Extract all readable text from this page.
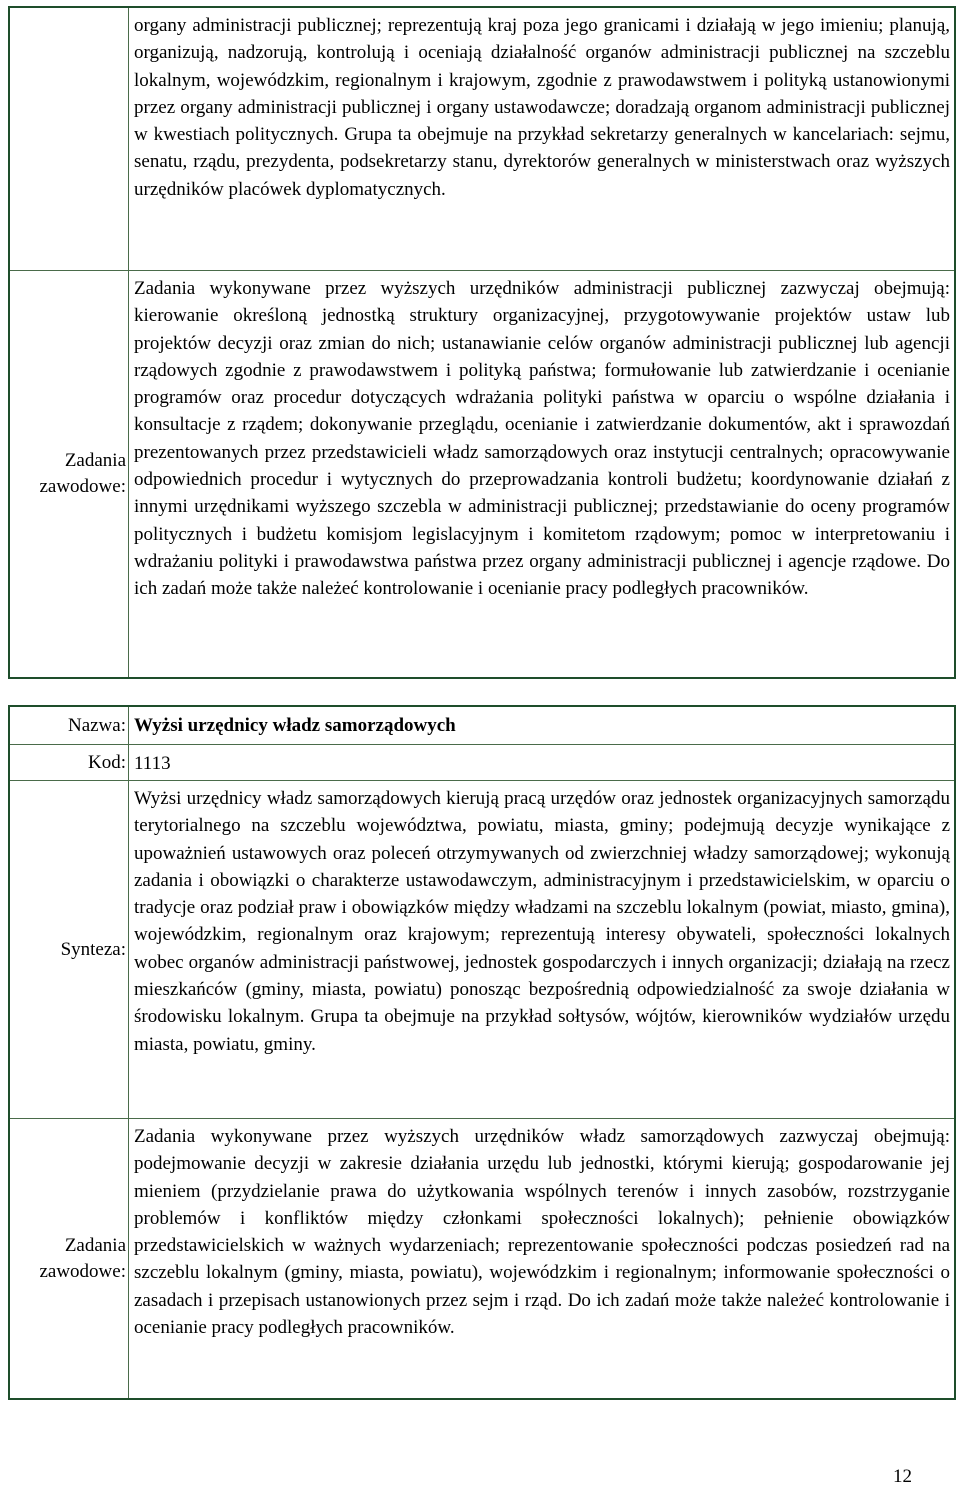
organy administracji publicznej; reprezentują kraj poza jego granicami i działają w jego imieniu; planują, organizują, nadzorują, kontrolują i oceniają działalność organów administracji publicznej na szczeblu lokalnym, wojewódzkim, regionalnym i krajowym, zgodnie z prawodawstwem i polityką ustanowionymi przez organy administracji publicznej i organy ustawodawcze; doradzają organom administracji publicznej w kwestiach politycznych. Grupa ta obejmuje na przykład sekretarzy generalnych w kancelariach: sejmu, senatu, rządu, prezydenta, podsekretarzy stanu, dyrektorów generalnych w ministerstwach oraz wyższych urzędników placówek dyplomatycznych.

Zadania zawodowe:

Zadania wykonywane przez wyższych urzędników administracji publicznej zazwyczaj obejmują: kierowanie określoną jednostką struktury organizacyjnej, przygotowywanie projektów ustaw lub projektów decyzji oraz zmian do nich; ustanawianie celów organów administracji publicznej lub agencji rządowych zgodnie z prawodawstwem i polityką państwa; formułowanie lub zatwierdzanie i ocenianie programów oraz procedur dotyczących wdrażania polityki państwa w oparciu o wspólne działania i konsultacje z rządem; dokonywanie przeglądu, ocenianie i zatwierdzanie dokumentów, akt i sprawozdań prezentowanych przez przedstawicieli władz samorządowych oraz instytucji centralnych; opracowywanie odpowiednich procedur i wytycznych do przeprowadzania kontroli budżetu; koordynowanie działań z innymi urzędnikami wyższego szczebla w administracji publicznej; przedstawianie do oceny programów politycznych i budżetu komisjom legislacyjnym i komitetom rządowym; pomoc w interpretowaniu i wdrażaniu polityki i prawodawstwa państwa przez organy administracji publicznej i agencje rządowe. Do ich zadań może także należeć kontrolowanie i ocenianie pracy podległych pracowników.

Nazwa: Wyżsi urzędnicy władz samorządowych
Kod: 1113
Synteza:

Wyżsi urzędnicy władz samorządowych kierują pracą urzędów oraz jednostek organizacyjnych samorządu terytorialnego na szczeblu województwa, powiatu, miasta, gminy; podejmują decyzje wynikające z upoważnień ustawowych oraz poleceń otrzymywanych od zwierzchniej władzy samorządowej; wykonują zadania i obowiązki o charakterze ustawodawczym, administracyjnym i przedstawicielskim, w oparciu o tradycje oraz podział praw i obowiązków między władzami na szczeblu lokalnym (powiat, miasto, gmina), wojewódzkim, regionalnym oraz krajowym; reprezentują interesy obywateli, społeczności lokalnych wobec organów administracji państwowej, jednostek gospodarczych i innych organizacji; działają na rzecz mieszkańców (gminy, miasta, powiatu) ponosząc bezpośrednią odpowiedzialność za swoje działania w środowisku lokalnym. Grupa ta obejmuje na przykład sołtysów, wójtów, kierowników wydziałów urzędu miasta, powiatu, gminy.

Zadania zawodowe:

Zadania wykonywane przez wyższych urzędników władz samorządowych zazwyczaj obejmują: podejmowanie decyzji w zakresie działania urzędu lub jednostki, którymi kierują; gospodarowanie jej mieniem (przydzielanie prawa do użytkowania wspólnych terenów i innych zasobów, rozstrzyganie problemów i konfliktów między członkami społeczności lokalnych); pełnienie obowiązków przedstawicielskich w ważnych wydarzeniach; reprezentowanie społeczności podczas posiedzeń rad na szczeblu lokalnym (gminy, miasta, powiatu), wojewódzkim i regionalnym; informowanie społeczności o zasadach i przepisach ustanowionych przez sejm i rząd. Do ich zadań może także należeć kontrolowanie i ocenianie pracy podległych pracowników.

12
